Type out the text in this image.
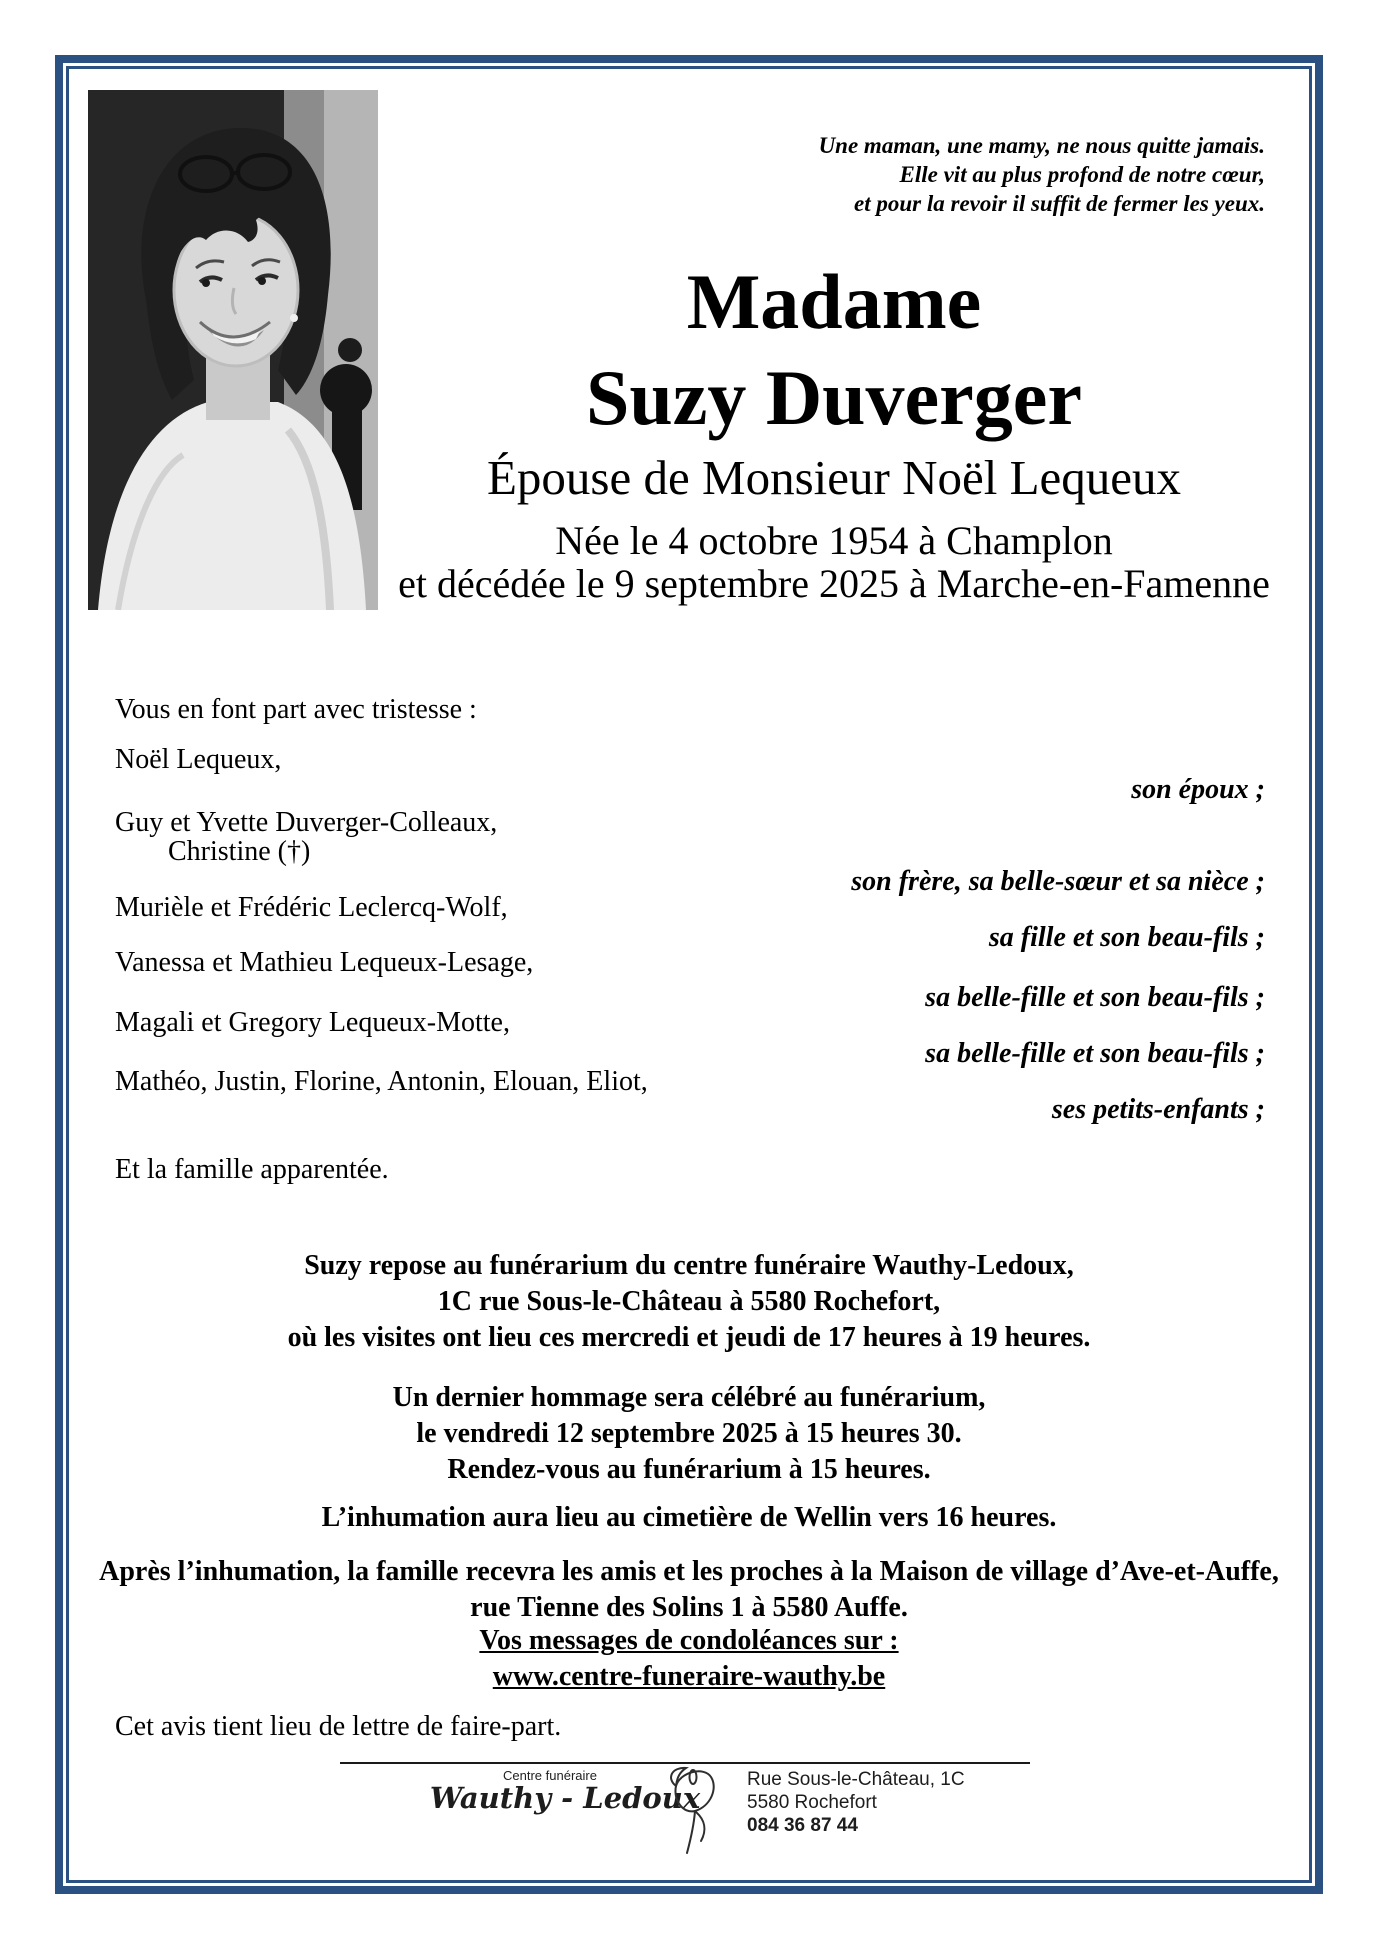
Une maman, une mamy, ne nous quitte jamais.
Elle vit au plus profond de notre cœur,
et pour la revoir il suffit de fermer les yeux.
Madame
Suzy Duverger
Épouse de Monsieur Noël Lequeux
Née le 4 octobre 1954 à Champlon
et décédée le 9 septembre 2025 à Marche-en-Famenne
Vous en font part avec tristesse :
Noël Lequeux,
son époux ;
Guy et Yvette Duverger-Colleaux,
Christine (†)
son frère, sa belle-sœur et sa nièce ;
Murièle et Frédéric Leclercq-Wolf,
sa fille et son beau-fils ;
Vanessa et Mathieu Lequeux-Lesage,
sa belle-fille et son beau-fils ;
Magali et Gregory Lequeux-Motte,
sa belle-fille et son beau-fils ;
Mathéo, Justin, Florine, Antonin, Elouan, Eliot,
ses petits-enfants ;
Et la famille apparentée.
Suzy repose au funérarium du centre funéraire Wauthy-Ledoux,
1C rue Sous-le-Château à 5580 Rochefort,
où les visites ont lieu ces mercredi et jeudi de 17 heures à 19 heures.
Un dernier hommage sera célébré au funérarium,
le vendredi 12 septembre 2025 à 15 heures 30.
Rendez-vous au funérarium à 15 heures.
L’inhumation aura lieu au cimetière de Wellin vers 16 heures.
Après l’inhumation, la famille recevra les amis et les proches à la Maison de village d’Ave-et-Auffe,
rue Tienne des Solins 1 à 5580 Auffe.
Vos messages de condoléances sur :
www.centre-funeraire-wauthy.be
Cet avis tient lieu de lettre de faire-part.
Centre funéraire
Wauthy - Ledoux
Rue Sous-le-Château, 1C
5580 Rochefort
084 36 87 44
